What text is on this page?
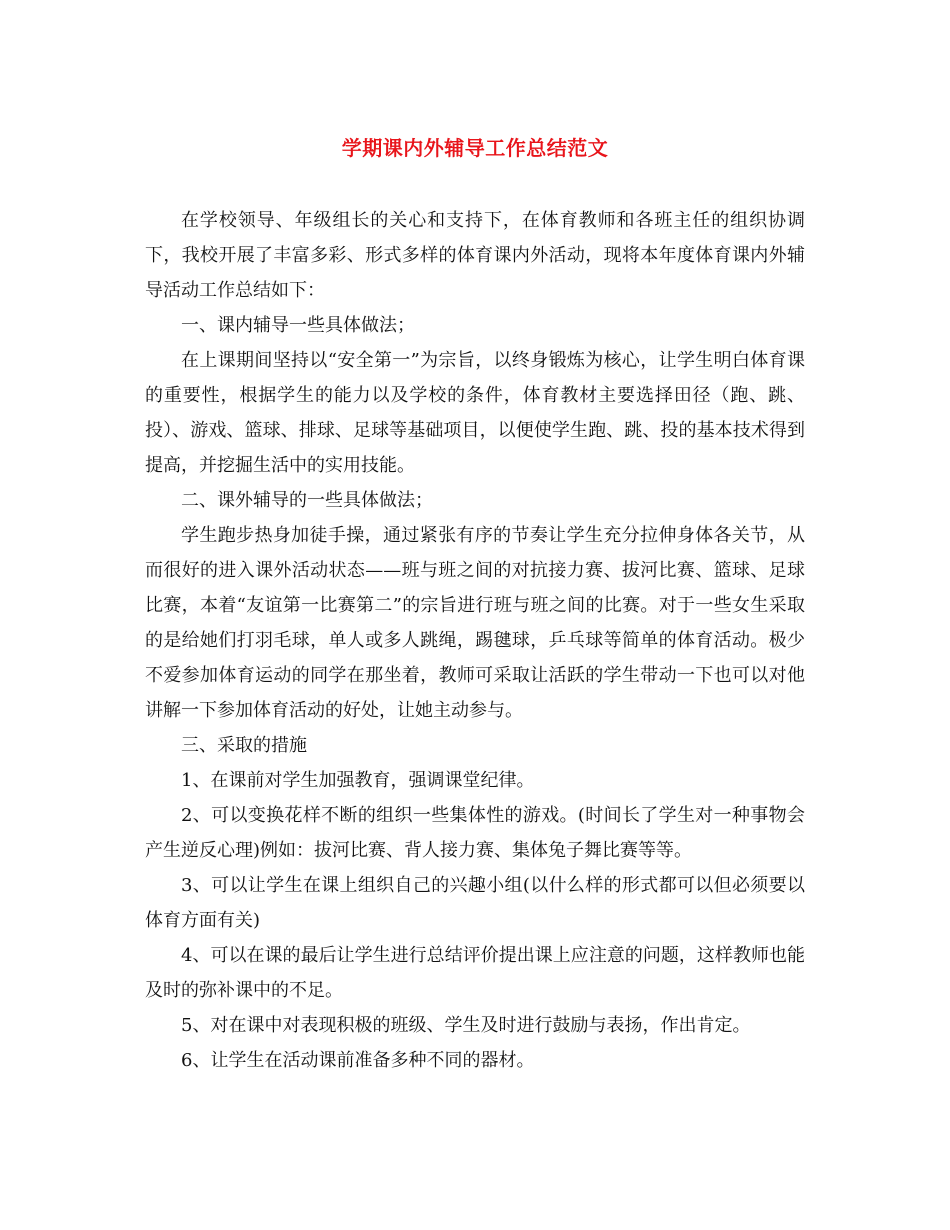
学期课内外辅导工作总结范文

在学校领导、年级组长的关心和支持下，在体育教师和各班主任的组织协调下，我校开展了丰富多彩、形式多样的体育课内外活动，现将本年度体育课内外辅导活动工作总结如下：

一、课内辅导一些具体做法；

在上课期间坚持以“安全第一”为宗旨，以终身锻炼为核心，让学生明白体育课的重要性，根据学生的能力以及学校的条件，体育教材主要选择田径（跑、跳、投）、游戏、篮球、排球、足球等基础项目，以便使学生跑、跳、投的基本技术得到提高，并挖掘生活中的实用技能。

二、课外辅导的一些具体做法；

学生跑步热身加徒手操，通过紧张有序的节奏让学生充分拉伸身体各关节，从而很好的进入课外活动状态——班与班之间的对抗接力赛、拔河比赛、篮球、足球比赛，本着“友谊第一比赛第二”的宗旨进行班与班之间的比赛。对于一些女生采取的是给她们打羽毛球，单人或多人跳绳，踢毽球，乒乓球等简单的体育活动。极少不爱参加体育运动的同学在那坐着，教师可采取让活跃的学生带动一下也可以对他讲解一下参加体育活动的好处，让她主动参与。

三、采取的措施

1、在课前对学生加强教育，强调课堂纪律。

2、可以变换花样不断的组织一些集体性的游戏。(时间长了学生对一种事物会产生逆反心理)例如：拔河比赛、背人接力赛、集体兔子舞比赛等等。

3、可以让学生在课上组织自己的兴趣小组(以什么样的形式都可以但必须要以体育方面有关)

4、可以在课的最后让学生进行总结评价提出课上应注意的问题，这样教师也能及时的弥补课中的不足。

5、对在课中对表现积极的班级、学生及时进行鼓励与表扬，作出肯定。

6、让学生在活动课前准备多种不同的器材。
